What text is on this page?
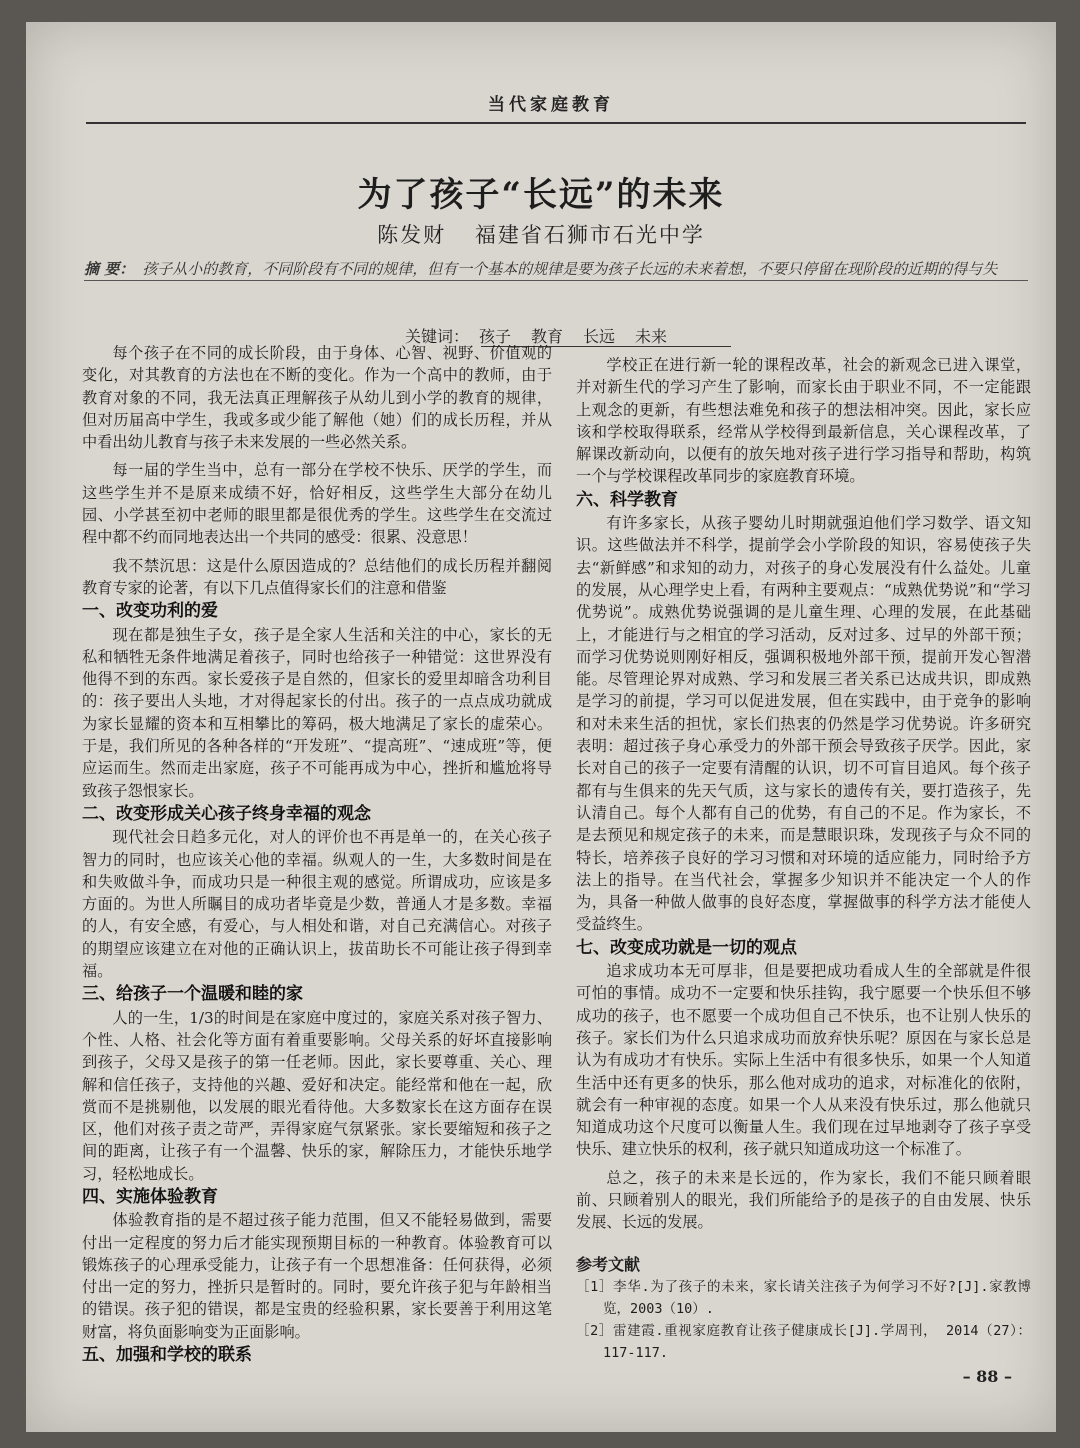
当代家庭教育
为了孩子“长远”的未来
陈发财 福建省石狮市石光中学
摘 要： 孩子从小的教育，不同阶段有不同的规律，但有一个基本的规律是要为孩子长远的未来着想，不要只停留在现阶段的近期的得与失
关键词： 孩子 教育 长远 未来

每个孩子在不同的成长阶段，由于身体、心智、视野、价值观的变化，对其教育的方法也在不断的变化。作为一个高中的教师，由于教育对象的不同，我无法真正理解孩子从幼儿到小学的教育的规律，但对历届高中学生，我或多或少能了解他（她）们的成长历程，并从中看出幼儿教育与孩子未来发展的一些必然关系。

每一届的学生当中，总有一部分在学校不快乐、厌学的学生，而这些学生并不是原来成绩不好，恰好相反，这些学生大部分在幼儿园、小学甚至初中老师的眼里都是很优秀的学生。这些学生在交流过程中都不约而同地表达出一个共同的感受：很累、没意思！

我不禁沉思：这是什么原因造成的？总结他们的成长历程并翻阅教育专家的论著，有以下几点值得家长们的注意和借鉴

一、改变功利的爱

现在都是独生子女，孩子是全家人生活和关注的中心，家长的无私和牺牲无条件地满足着孩子，同时也给孩子一种错觉：这世界没有他得不到的东西。家长爱孩子是自然的，但家长的爱里却暗含功利目的：孩子要出人头地，才对得起家长的付出。孩子的一点点成功就成为家长显耀的资本和互相攀比的筹码，极大地满足了家长的虚荣心。于是，我们所见的各种各样的“开发班”、“提高班”、“速成班”等，便应运而生。然而走出家庭，孩子不可能再成为中心，挫折和尴尬将导致孩子怨恨家长。

二、改变形成关心孩子终身幸福的观念

现代社会日趋多元化，对人的评价也不再是单一的，在关心孩子智力的同时，也应该关心他的幸福。纵观人的一生，大多数时间是在和失败做斗争，而成功只是一种很主观的感觉。所谓成功，应该是多方面的。为世人所瞩目的成功者毕竟是少数，普通人才是多数。幸福的人，有安全感，有爱心，与人相处和谐，对自己充满信心。对孩子的期望应该建立在对他的正确认识上，拔苗助长不可能让孩子得到幸福。

三、给孩子一个温暖和睦的家

人的一生，1/3的时间是在家庭中度过的，家庭关系对孩子智力、个性、人格、社会化等方面有着重要影响。父母关系的好坏直接影响到孩子，父母又是孩子的第一任老师。因此，家长要尊重、关心、理解和信任孩子，支持他的兴趣、爱好和决定。能经常和他在一起，欣赏而不是挑剔他，以发展的眼光看待他。大多数家长在这方面存在误区，他们对孩子责之苛严，弄得家庭气氛紧张。家长要缩短和孩子之间的距离，让孩子有一个温馨、快乐的家，解除压力，才能快乐地学习，轻松地成长。

四、实施体验教育

体验教育指的是不超过孩子能力范围，但又不能轻易做到，需要付出一定程度的努力后才能实现预期目标的一种教育。体验教育可以锻炼孩子的心理承受能力，让孩子有一个思想准备：任何获得，必须付出一定的努力，挫折只是暂时的。同时，要允许孩子犯与年龄相当的错误。孩子犯的错误，都是宝贵的经验积累，家长要善于利用这笔财富，将负面影响变为正面影响。

五、加强和学校的联系

学校正在进行新一轮的课程改革，社会的新观念已进入课堂，并对新生代的学习产生了影响，而家长由于职业不同，不一定能跟上观念的更新，有些想法难免和孩子的想法相冲突。因此，家长应该和学校取得联系，经常从学校得到最新信息，关心课程改革，了解课改新动向，以便有的放矢地对孩子进行学习指导和帮助，构筑一个与学校课程改革同步的家庭教育环境。

六、科学教育

有许多家长，从孩子婴幼儿时期就强迫他们学习数学、语文知识。这些做法并不科学，提前学会小学阶段的知识，容易使孩子失去“新鲜感”和求知的动力，对孩子的身心发展没有什么益处。儿童的发展，从心理学史上看，有两种主要观点：“成熟优势说”和“学习优势说”。成熟优势说强调的是儿童生理、心理的发展，在此基础上，才能进行与之相宜的学习活动，反对过多、过早的外部干预；而学习优势说则刚好相反，强调积极地外部干预，提前开发心智潜能。尽管理论界对成熟、学习和发展三者关系已达成共识，即成熟是学习的前提，学习可以促进发展，但在实践中，由于竞争的影响和对未来生活的担忧，家长们热衷的仍然是学习优势说。许多研究表明：超过孩子身心承受力的外部干预会导致孩子厌学。因此，家长对自己的孩子一定要有清醒的认识，切不可盲目追风。每个孩子都有与生俱来的先天气质，这与家长的遗传有关，要打造孩子，先认清自己。每个人都有自己的优势，有自己的不足。作为家长，不是去预见和规定孩子的未来，而是慧眼识珠，发现孩子与众不同的特长，培养孩子良好的学习习惯和对环境的适应能力，同时给予方法上的指导。在当代社会，掌握多少知识并不能决定一个人的作为，具备一种做人做事的良好态度，掌握做事的科学方法才能使人受益终生。

七、改变成功就是一切的观点

追求成功本无可厚非，但是要把成功看成人生的全部就是件很可怕的事情。成功不一定要和快乐挂钩，我宁愿要一个快乐但不够成功的孩子，也不愿要一个成功但自己不快乐，也不让别人快乐的孩子。家长们为什么只追求成功而放弃快乐呢？原因在与家长总是认为有成功才有快乐。实际上生活中有很多快乐，如果一个人知道生活中还有更多的快乐，那么他对成功的追求，对标准化的依附，就会有一种审视的态度。如果一个人从来没有快乐过，那么他就只知道成功这个尺度可以衡量人生。我们现在过早地剥夺了孩子享受快乐、建立快乐的权利，孩子就只知道成功这一个标准了。

总之，孩子的未来是长远的，作为家长，我们不能只顾着眼前、只顾着别人的眼光，我们所能给予的是孩子的自由发展、快乐发展、长远的发展。

参考文献

［1］李华.为了孩子的未来，家长请关注孩子为何学习不好?[J].家教博览，2003（10）.

［2］雷建霞.重视家庭教育让孩子健康成长[J].学周刊， 2014（27）：117-117.

– 88 –
